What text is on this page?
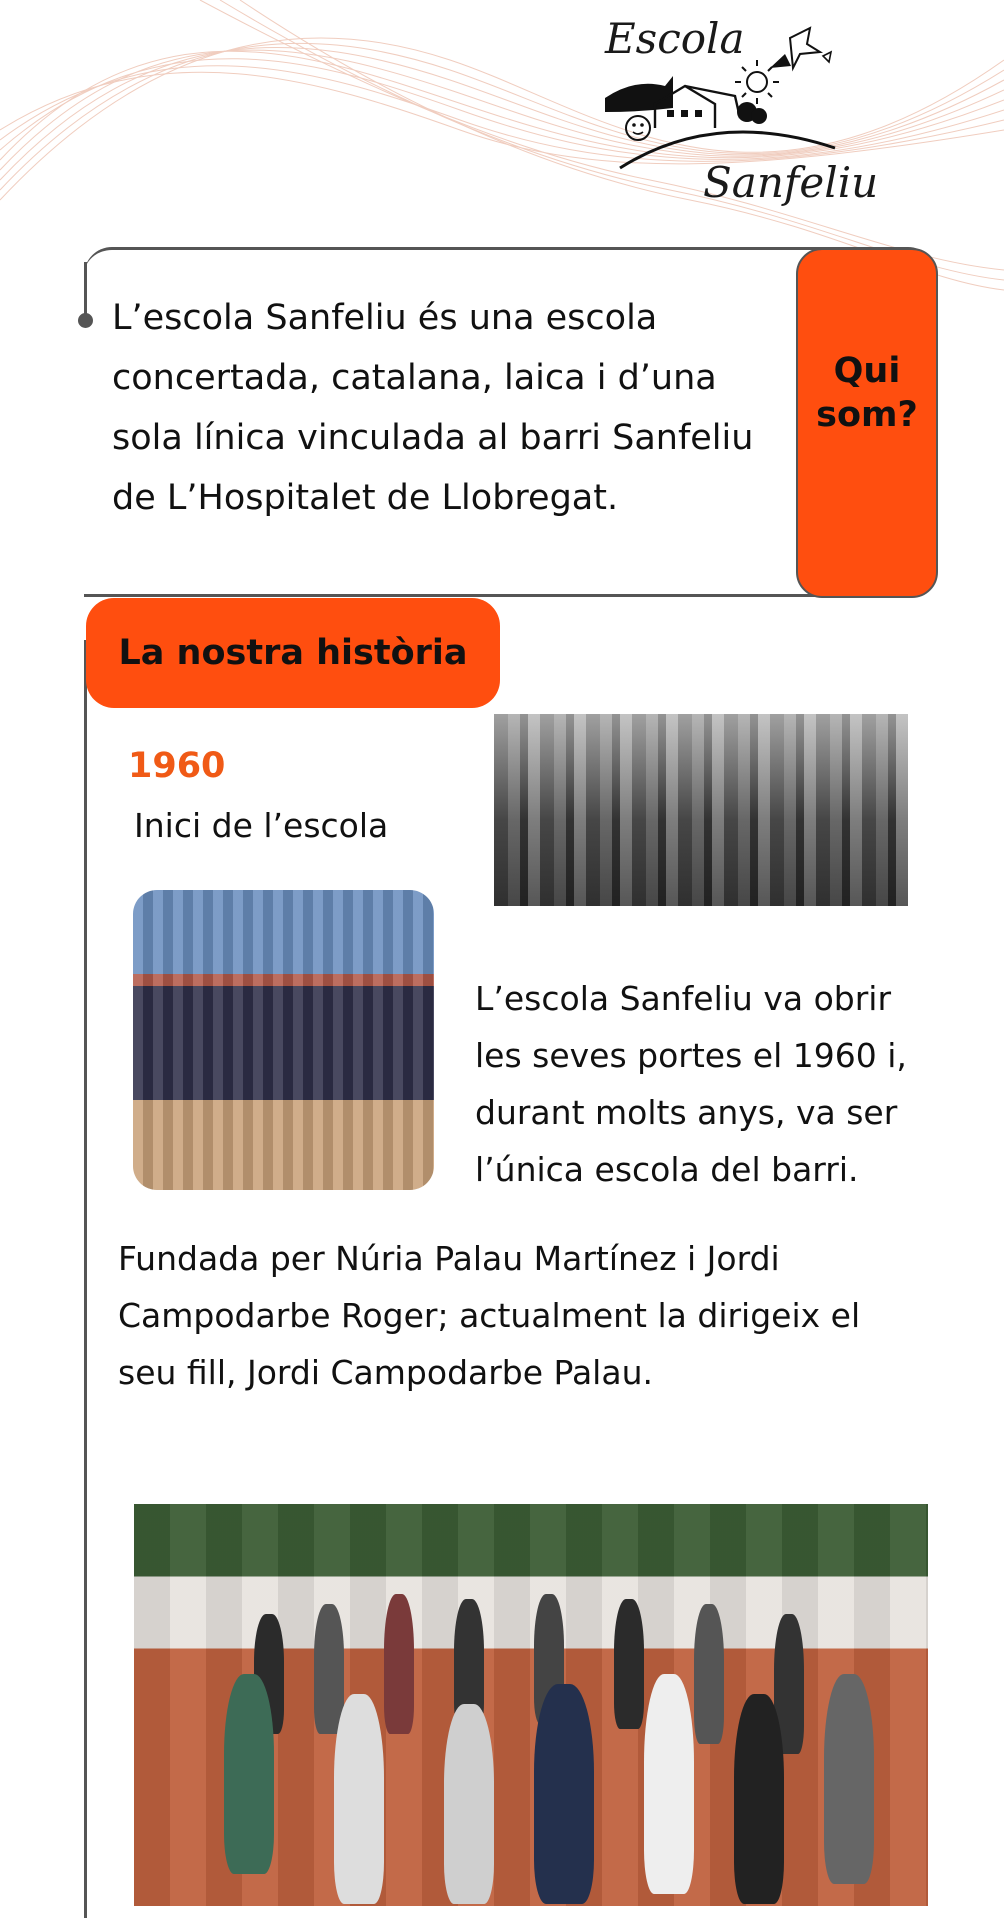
Escola
Sanfeliu

L’escola Sanfeliu és una escola concertada, catalana, laica i d’una sola línica vinculada al barri Sanfeliu de L’Hospitalet de Llobregat.

Qui som?
La nostra història
1960
Inici de l’escola

L’escola Sanfeliu va obrir les seves portes el 1960 i, durant molts anys, va ser l’única escola del barri.

Fundada per Núria Palau Martínez i Jordi Campodarbe Roger; actualment la dirigeix el seu fill, Jordi Campodarbe Palau.
